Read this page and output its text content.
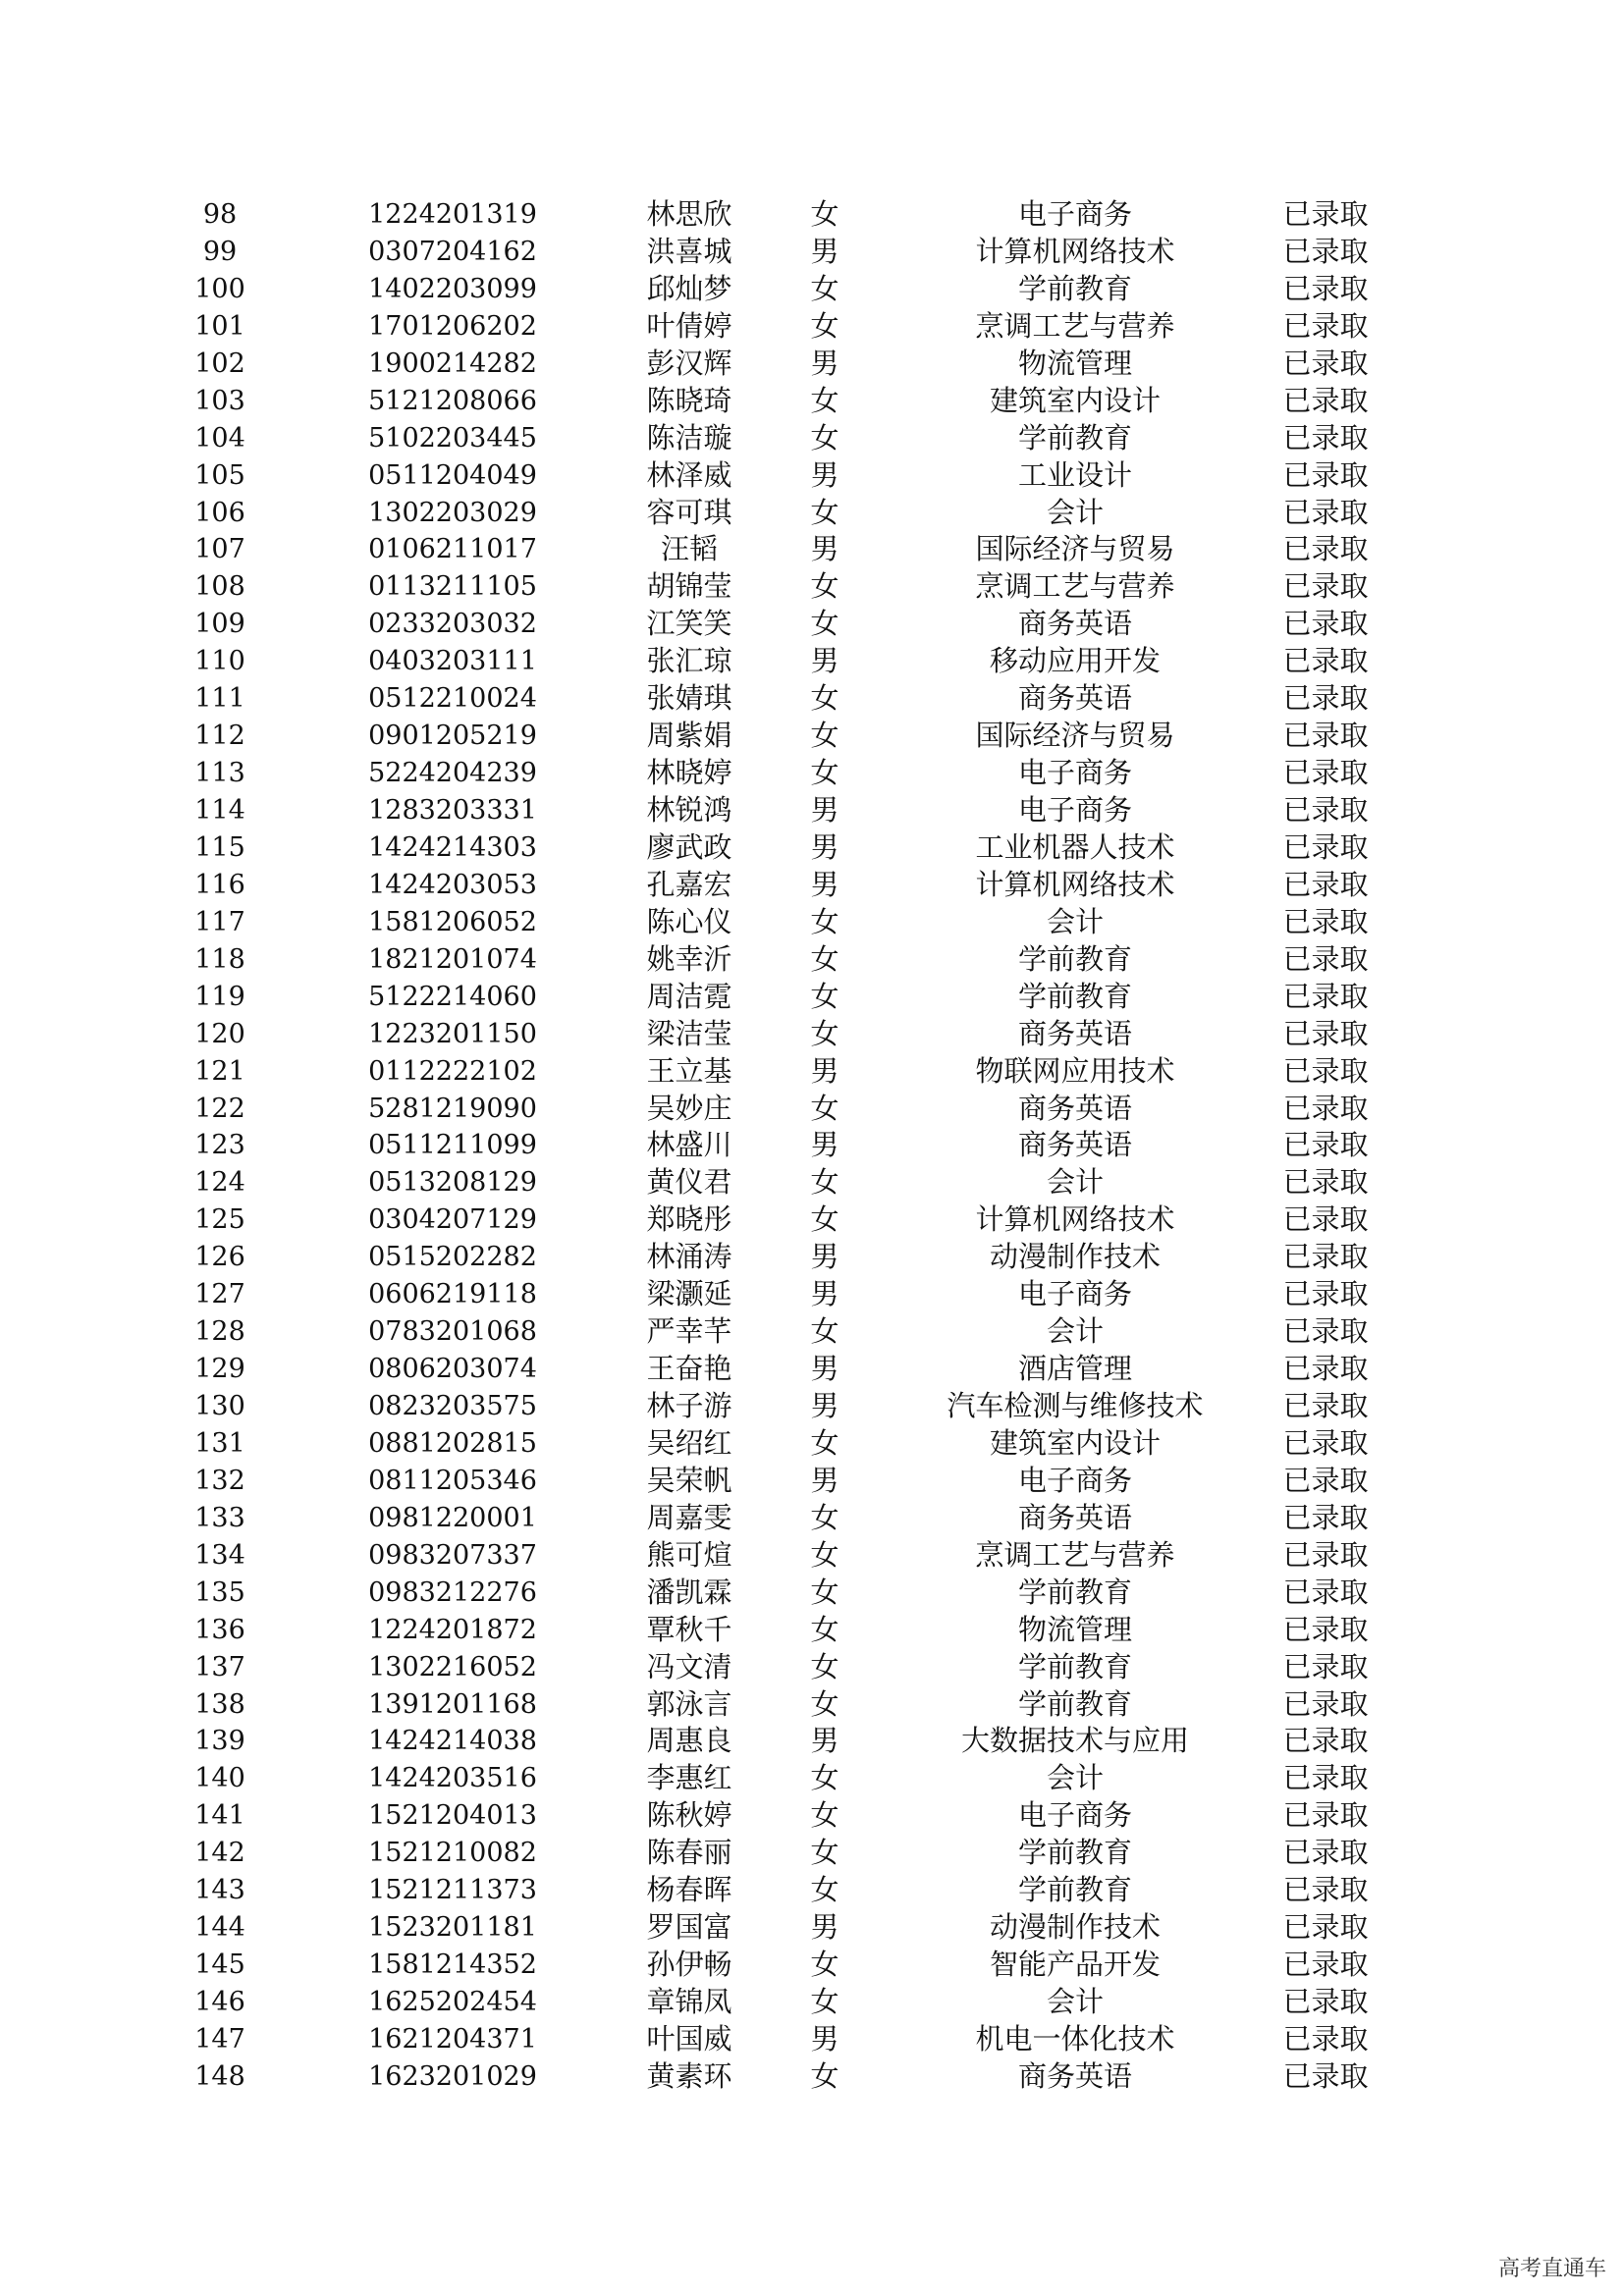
98	1224201319	林思欣	女	电子商务	已录取
99	0307204162	洪喜城	男	计算机网络技术	已录取
100	1402203099	邱灿梦	女	学前教育	已录取
101	1701206202	叶倩婷	女	烹调工艺与营养	已录取
102	1900214282	彭汉辉	男	物流管理	已录取
103	5121208066	陈晓琦	女	建筑室内设计	已录取
104	5102203445	陈洁璇	女	学前教育	已录取
105	0511204049	林泽威	男	工业设计	已录取
106	1302203029	容可琪	女	会计	已录取
107	0106211017	汪韬	男	国际经济与贸易	已录取
108	0113211105	胡锦莹	女	烹调工艺与营养	已录取
109	0233203032	江笑笑	女	商务英语	已录取
110	0403203111	张汇琼	男	移动应用开发	已录取
111	0512210024	张婧琪	女	商务英语	已录取
112	0901205219	周紫娟	女	国际经济与贸易	已录取
113	5224204239	林晓婷	女	电子商务	已录取
114	1283203331	林锐鸿	男	电子商务	已录取
115	1424214303	廖武政	男	工业机器人技术	已录取
116	1424203053	孔嘉宏	男	计算机网络技术	已录取
117	1581206052	陈心仪	女	会计	已录取
118	1821201074	姚幸沂	女	学前教育	已录取
119	5122214060	周洁霓	女	学前教育	已录取
120	1223201150	梁洁莹	女	商务英语	已录取
121	0112222102	王立基	男	物联网应用技术	已录取
122	5281219090	吴妙庄	女	商务英语	已录取
123	0511211099	林盛川	男	商务英语	已录取
124	0513208129	黄仪君	女	会计	已录取
125	0304207129	郑晓彤	女	计算机网络技术	已录取
126	0515202282	林涌涛	男	动漫制作技术	已录取
127	0606219118	梁灏延	男	电子商务	已录取
128	0783201068	严幸芊	女	会计	已录取
129	0806203074	王奋艳	男	酒店管理	已录取
130	0823203575	林子游	男	汽车检测与维修技术	已录取
131	0881202815	吴绍红	女	建筑室内设计	已录取
132	0811205346	吴荣帆	男	电子商务	已录取
133	0981220001	周嘉雯	女	商务英语	已录取
134	0983207337	熊可煊	女	烹调工艺与营养	已录取
135	0983212276	潘凯霖	女	学前教育	已录取
136	1224201872	覃秋千	女	物流管理	已录取
137	1302216052	冯文清	女	学前教育	已录取
138	1391201168	郭泳言	女	学前教育	已录取
139	1424214038	周惠良	男	大数据技术与应用	已录取
140	1424203516	李惠红	女	会计	已录取
141	1521204013	陈秋婷	女	电子商务	已录取
142	1521210082	陈春丽	女	学前教育	已录取
143	1521211373	杨春晖	女	学前教育	已录取
144	1523201181	罗国富	男	动漫制作技术	已录取
145	1581214352	孙伊畅	女	智能产品开发	已录取
146	1625202454	章锦凤	女	会计	已录取
147	1621204371	叶国威	男	机电一体化技术	已录取
148	1623201029	黄素环	女	商务英语	已录取
高考直通车
